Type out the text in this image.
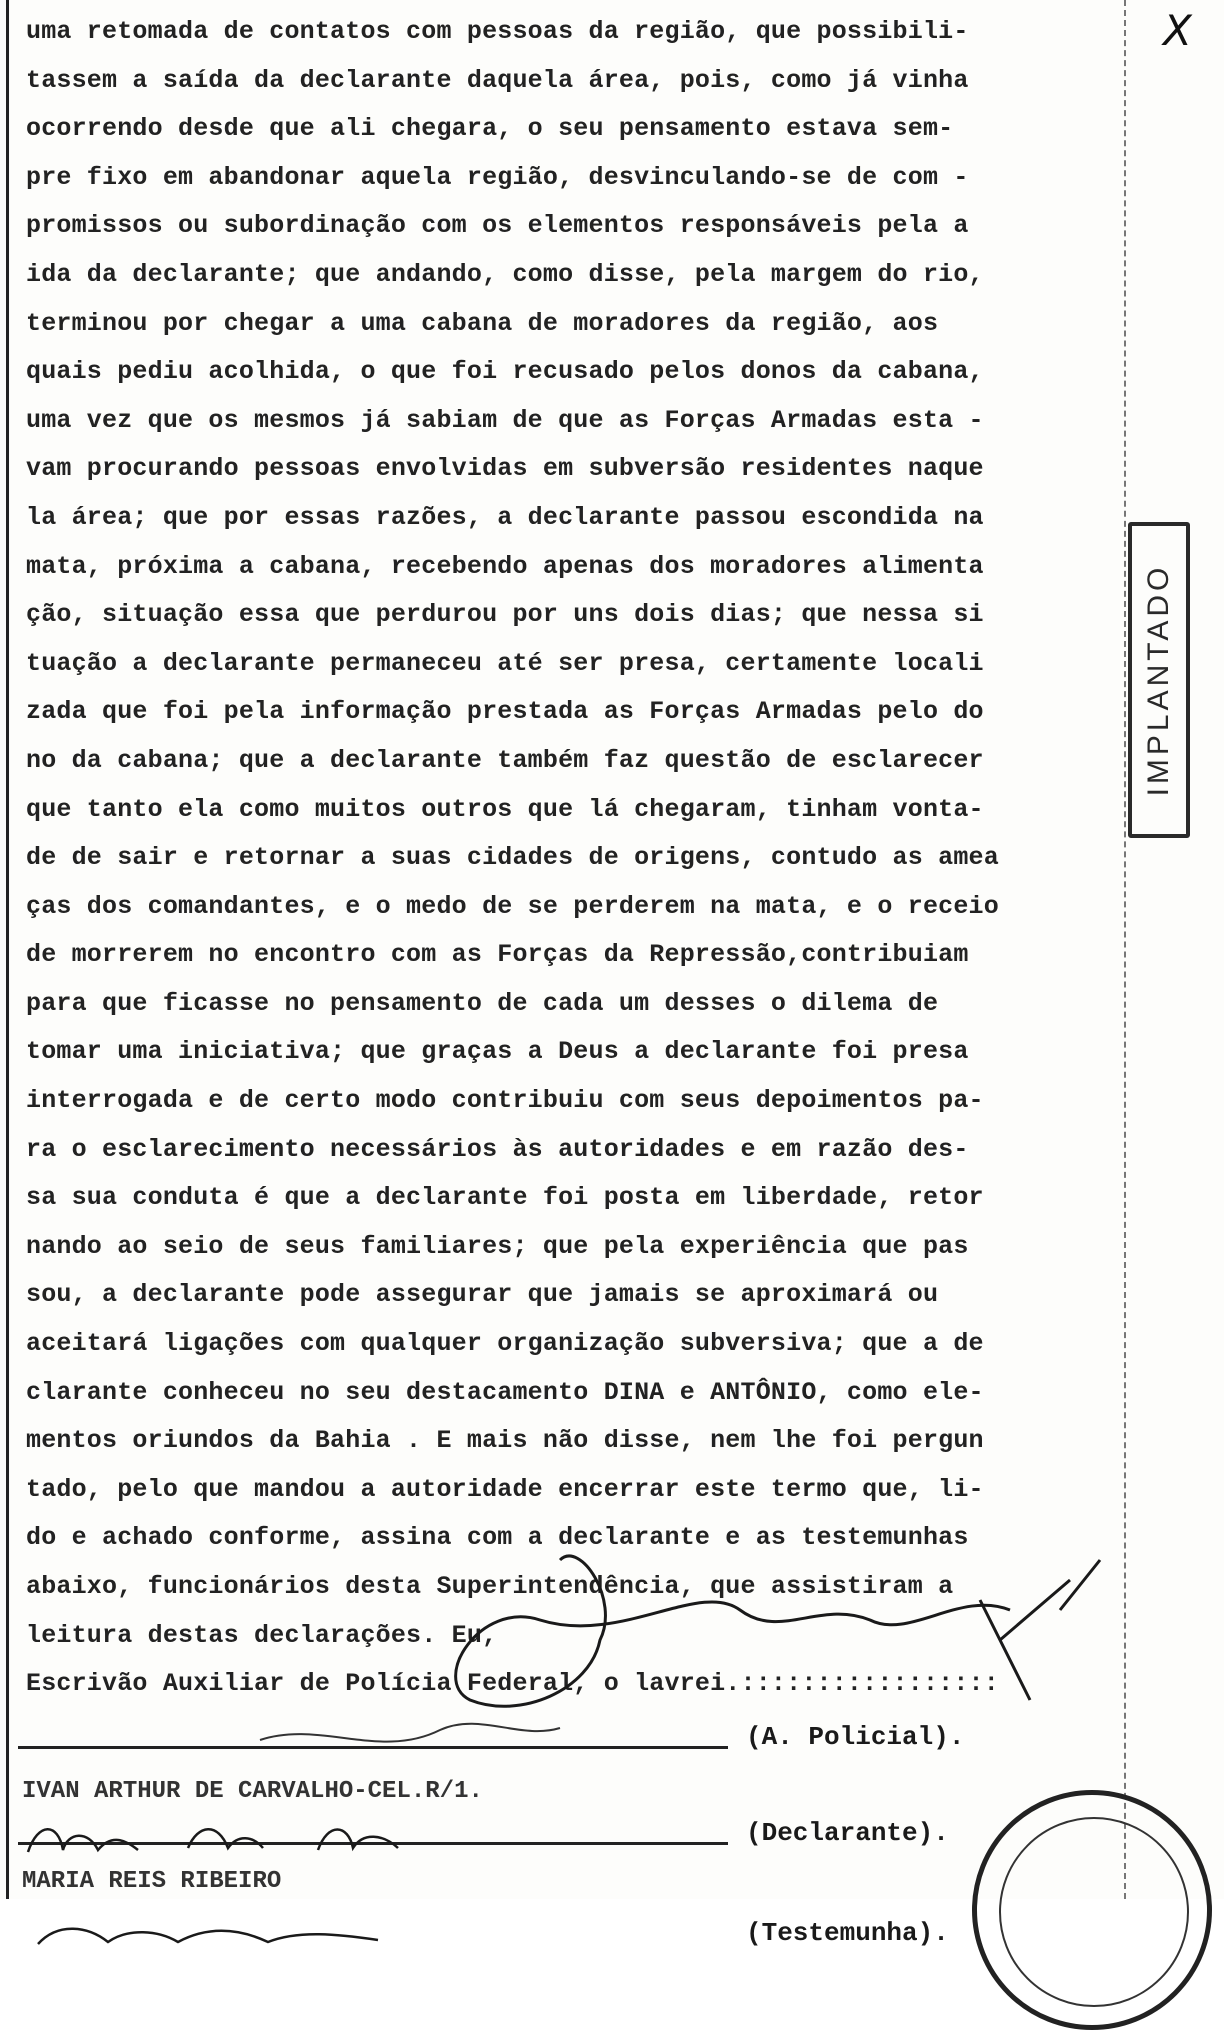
X
IMPLANTADO
uma retomada de contatos com pessoas da região, que possibili-
tassem a saída da declarante daquela área, pois, como já vinha
ocorrendo desde que ali chegara, o seu pensamento estava sem-
pre fixo em abandonar aquela região, desvinculando-se de com -
promissos ou subordinação com os elementos responsáveis pela a
ida da declarante; que andando, como disse, pela margem do rio,
terminou por chegar a uma cabana de moradores da região, aos
quais pediu acolhida, o que foi recusado pelos donos da cabana,
uma vez que os mesmos já sabiam de que as Forças Armadas esta -
vam procurando pessoas envolvidas em subversão residentes naque
la área; que por essas razões, a declarante passou escondida na
mata, próxima a cabana, recebendo apenas dos moradores alimenta
ção, situação essa que perdurou por uns dois dias; que nessa si
tuação a declarante permaneceu até ser presa, certamente locali
zada que foi pela informação prestada as Forças Armadas pelo do
no da cabana; que a declarante também faz questão de esclarecer
que tanto ela como muitos outros que lá chegaram, tinham vonta-
de de sair e retornar a suas cidades de origens, contudo as amea
ças dos comandantes, e o medo de se perderem na mata, e o receio
de morrerem no encontro com as Forças da Repressão,contribuiam
para que ficasse no pensamento de cada um desses o dilema de
tomar uma iniciativa; que graças a Deus a declarante foi presa
interrogada e de certo modo contribuiu com seus depoimentos pa-
ra o esclarecimento necessários às autoridades e em razão des-
sa sua conduta é que a declarante foi posta em liberdade, retor
nando ao seio de seus familiares; que pela experiência que pas
sou, a declarante pode assegurar que jamais se aproximará ou
aceitará ligações com qualquer organização subversiva; que a de
clarante conheceu no seu destacamento DINA e ANTÔNIO, como ele-
mentos oriundos da Bahia . E mais não disse, nem lhe foi pergun
tado, pelo que mandou a autoridade encerrar este termo que, li-
do e achado conforme, assina com a declarante e as testemunhas
abaixo, funcionários desta Superintendência, que assistiram a
leitura destas declarações. Eu,
Escrivão Auxiliar de Polícia Federal, o lavrei.:::::::::::::::::
(A. Policial).
IVAN ARTHUR DE CARVALHO-CEL.R/1.
(Declarante).
MARIA REIS RIBEIRO
(Testemunha).
